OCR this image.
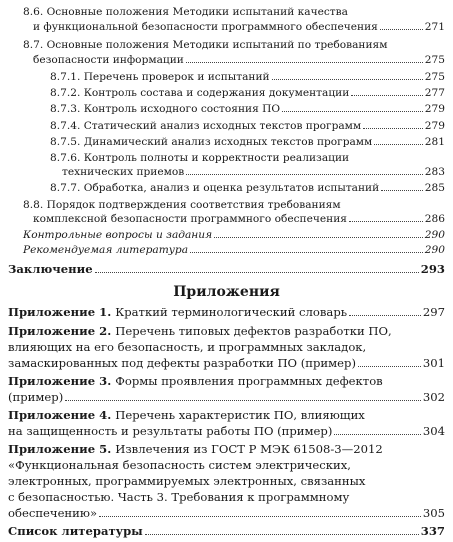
8.6. Основные положения Методики испытаний качества
и функциональной безопасности программного обеспечения	271
8.7. Основные положения Методики испытаний по требованиям
безопасности информации	275
8.7.1. Перечень проверок и испытаний	275
8.7.2. Контроль состава и содержания документации	277
8.7.3. Контроль исходного состояния ПО	279
8.7.4. Статический анализ исходных текстов программ	279
8.7.5. Динамический анализ исходных текстов программ	281
8.7.6. Контроль полноты и корректности реализации
технических приемов	283
8.7.7. Обработка, анализ и оценка результатов испытаний	285
8.8. Порядок подтверждения соответствия требованиям
комплексной безопасности программного обеспечения	286
Контрольные вопросы и задания	290
Рекомендуемая литература	290
Заключение	293
Приложения
Приложение 1. Краткий терминологический словарь	297
Приложение 2. Перечень типовых дефектов разработки ПО,
влияющих на его безопасность, и программных закладок,
замаскированных под дефекты разработки ПО (пример)	301
Приложение 3. Формы проявления программных дефектов
(пример)	302
Приложение 4. Перечень характеристик ПО, влияющих
на защищенность и результаты работы ПО (пример)	304
Приложение 5. Извлечения из ГОСТ Р МЭК 61508-3—2012
«Функциональная безопасность систем электрических,
электронных, программируемых электронных, связанных
с безопасностью. Часть 3. Требования к программному
обеспечению»	305
Список литературы	337
